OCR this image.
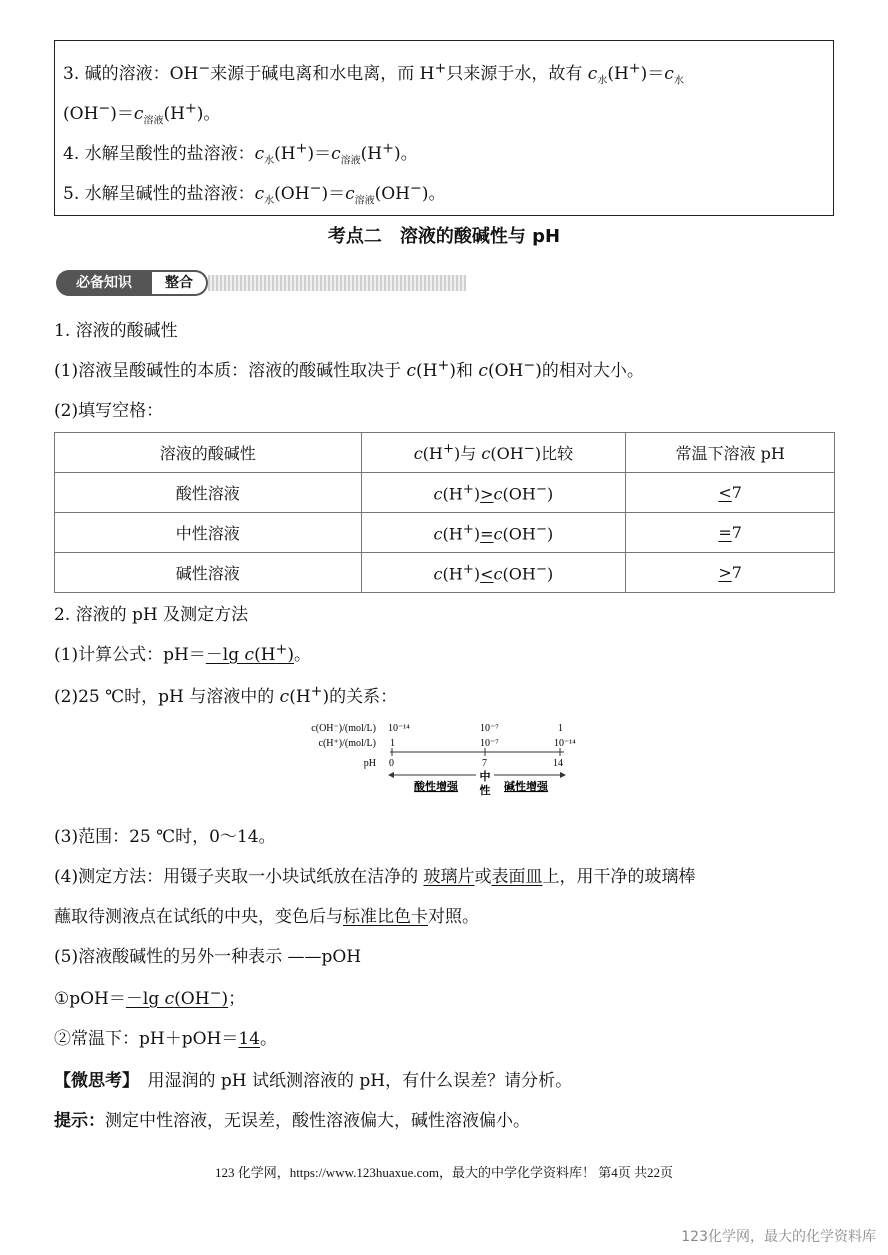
3. 碱的溶液：OH−来源于碱电离和水电离，而 H+只来源于水，故有 $c_水(H^+)=c_水$
$(OH^-)=c_{溶液}(H^+)$。
4. 水解呈酸性的盐溶液：$c_水(H^+)=c_{溶液}(H^+)$。
5. 水解呈碱性的盐溶液：$c_水(OH^-)=c_{溶液}(OH^-)$。
考点二　溶液的酸碱性与 pH
必备知识	整合
1. 溶液的酸碱性
(1)溶液呈酸碱性的本质：溶液的酸碱性取决于 c(H+)和 c(OH−)的相对大小。
(2)填写空格：
溶液的酸碱性	c(H+)与 c(OH−)比较	常温下溶液 pH
酸性溶液	c(H+)>c(OH−)	<7
中性溶液	c(H+)=c(OH−)	=7
碱性溶液	c(H+)<c(OH−)	>7
2. 溶液的 pH 及测定方法
(1)计算公式：pH＝－lg c(H+)。
(2)25 ℃时，pH 与溶液中的 c(H+)的关系：
c(OH⁻)/(mol/L)
c(H⁺)/(mol/L)
pH
10⁻¹⁴	10⁻⁷	1
1	10⁻⁷	10⁻¹⁴
0	7	14
酸性增强
中
性 碱性增强
(3)范围：25 ℃时，0～14。
(4)测定方法：用镊子夹取一小块试纸放在洁净的 玻璃片或表面皿上，用干净的玻璃棒
蘸取待测液点在试纸的中央，变色后与标准比色卡对照。
(5)溶液酸碱性的另外一种表示 ——pOH
①pOH＝－lg c(OH−)；
②常温下：pH＋pOH＝14。
【微思考】　用湿润的 pH 试纸测溶液的 pH，有什么误差？请分析。
提示：测定中性溶液，无误差，酸性溶液偏大，碱性溶液偏小。
123 化学网，https://www.123huaxue.com，最大的中学化学资料库！ 第4页 共22页
123化学网，最大的化学资料库
